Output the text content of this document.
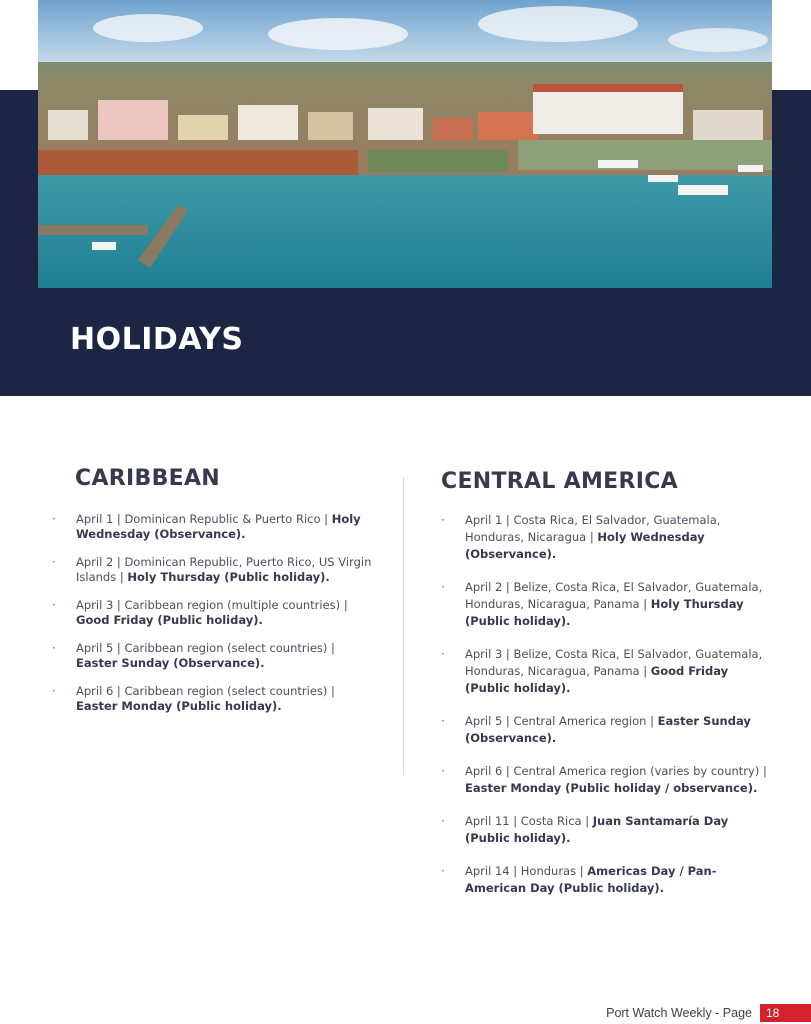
HOLIDAYS
CARIBBEAN	CENTRAL AMERICA
· April 1 | Dominican Republic & Puerto Rico | Holy Wednesday (Observance).
· April 2 | Dominican Republic, Puerto Rico, US Virgin Islands | Holy Thursday (Public holiday).
· April 3 | Caribbean region (multiple countries) | Good Friday (Public holiday).
· April 5 | Caribbean region (select countries) | Easter Sunday (Observance).
· April 6 | Caribbean region (select countries) | Easter Monday (Public holiday).
· April 1 | Costa Rica, El Salvador, Guatemala, Honduras, Nicaragua | Holy Wednesday (Observance).
· April 2 | Belize, Costa Rica, El Salvador, Guatemala, Honduras, Nicaragua, Panama | Holy Thursday (Public holiday).
· April 3 | Belize, Costa Rica, El Salvador, Guatemala, Honduras, Nicaragua, Panama | Good Friday (Public holiday).
· April 5 | Central America region | Easter Sunday (Observance).
· April 6 | Central America region (varies by country) | Easter Monday (Public holiday / observance).
· April 11 | Costa Rica | Juan Santamaría Day (Public holiday).
· April 14 | Honduras | Americas Day / Pan-American Day (Public holiday).
Port Watch Weekly - Page	18
